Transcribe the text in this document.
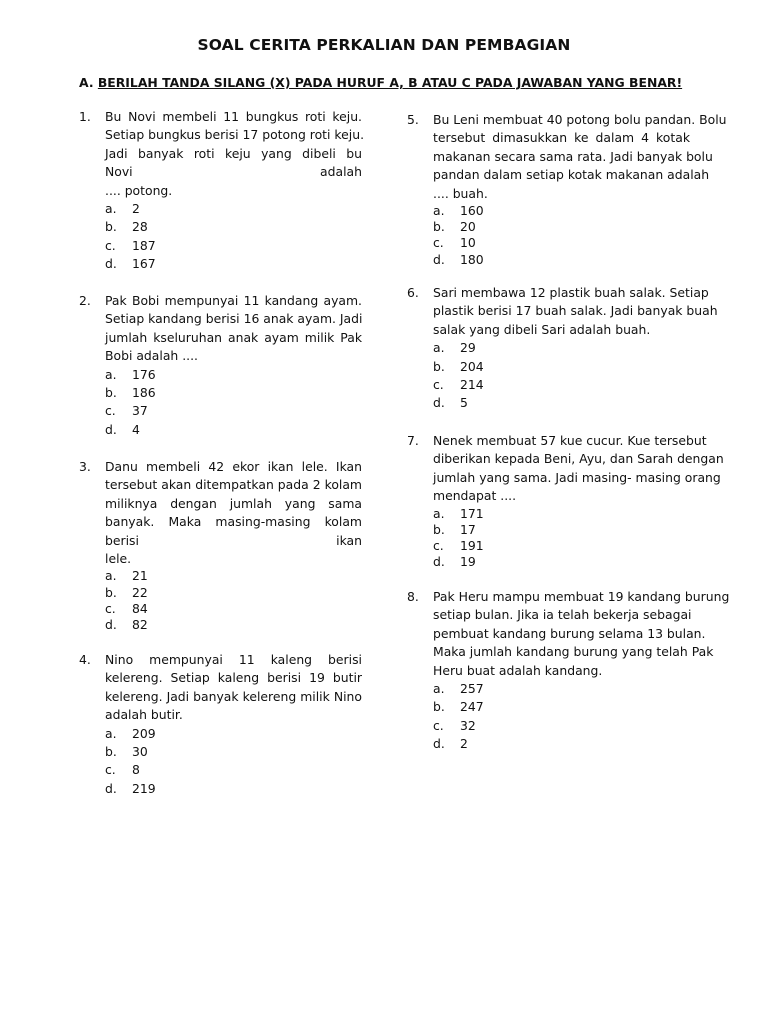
SOAL CERITA PERKALIAN DAN PEMBAGIAN
A. BERILAH TANDA SILANG (X) PADA HURUF A, B ATAU C PADA JAWABAN YANG BENAR!
1. Bu Novi membeli 11 bungkus roti keju.
Setiap bungkus berisi 17 potong roti keju.
Jadi banyak roti keju yang dibeli bu
Novi adalah
.... potong.
a. 2
b. 28
c. 187
d. 167
2. Pak Bobi mempunyai 11 kandang ayam.
Setiap kandang berisi 16 anak ayam. Jadi
jumlah kseluruhan anak ayam milik Pak
Bobi adalah ....
a. 176
b. 186
c. 37
d. 4
3. Danu membeli 42 ekor ikan lele. Ikan
tersebut akan ditempatkan pada 2 kolam
miliknya dengan jumlah yang sama
banyak. Maka masing-masing kolam
berisi ikan
lele.
a. 21
b. 22
c. 84
d. 82
4. Nino mempunyai 11 kaleng berisi
kelereng. Setiap kaleng berisi 19 butir
kelereng. Jadi banyak kelereng milik Nino
adalah butir.
a. 209
b. 30
c. 8
d. 219
5. Bu Leni membuat 40 potong bolu pandan. Bolu
tersebut dimasukkan ke dalam 4 kotak
makanan secara sama rata. Jadi banyak bolu
pandan dalam setiap kotak makanan adalah
.... buah.
a. 160
b. 20
c. 10
d. 180
6. Sari membawa 12 plastik buah salak. Setiap
plastik berisi 17 buah salak. Jadi banyak buah
salak yang dibeli Sari adalah buah.
a. 29
b. 204
c. 214
d. 5
7. Nenek membuat 57 kue cucur. Kue tersebut
diberikan kepada Beni, Ayu, dan Sarah dengan
jumlah yang sama. Jadi masing- masing orang
mendapat ....
a. 171
b. 17
c. 191
d. 19
8. Pak Heru mampu membuat 19 kandang burung
setiap bulan. Jika ia telah bekerja sebagai
pembuat kandang burung selama 13 bulan.
Maka jumlah kandang burung yang telah Pak
Heru buat adalah kandang.
a. 257
b. 247
c. 32
d. 2
